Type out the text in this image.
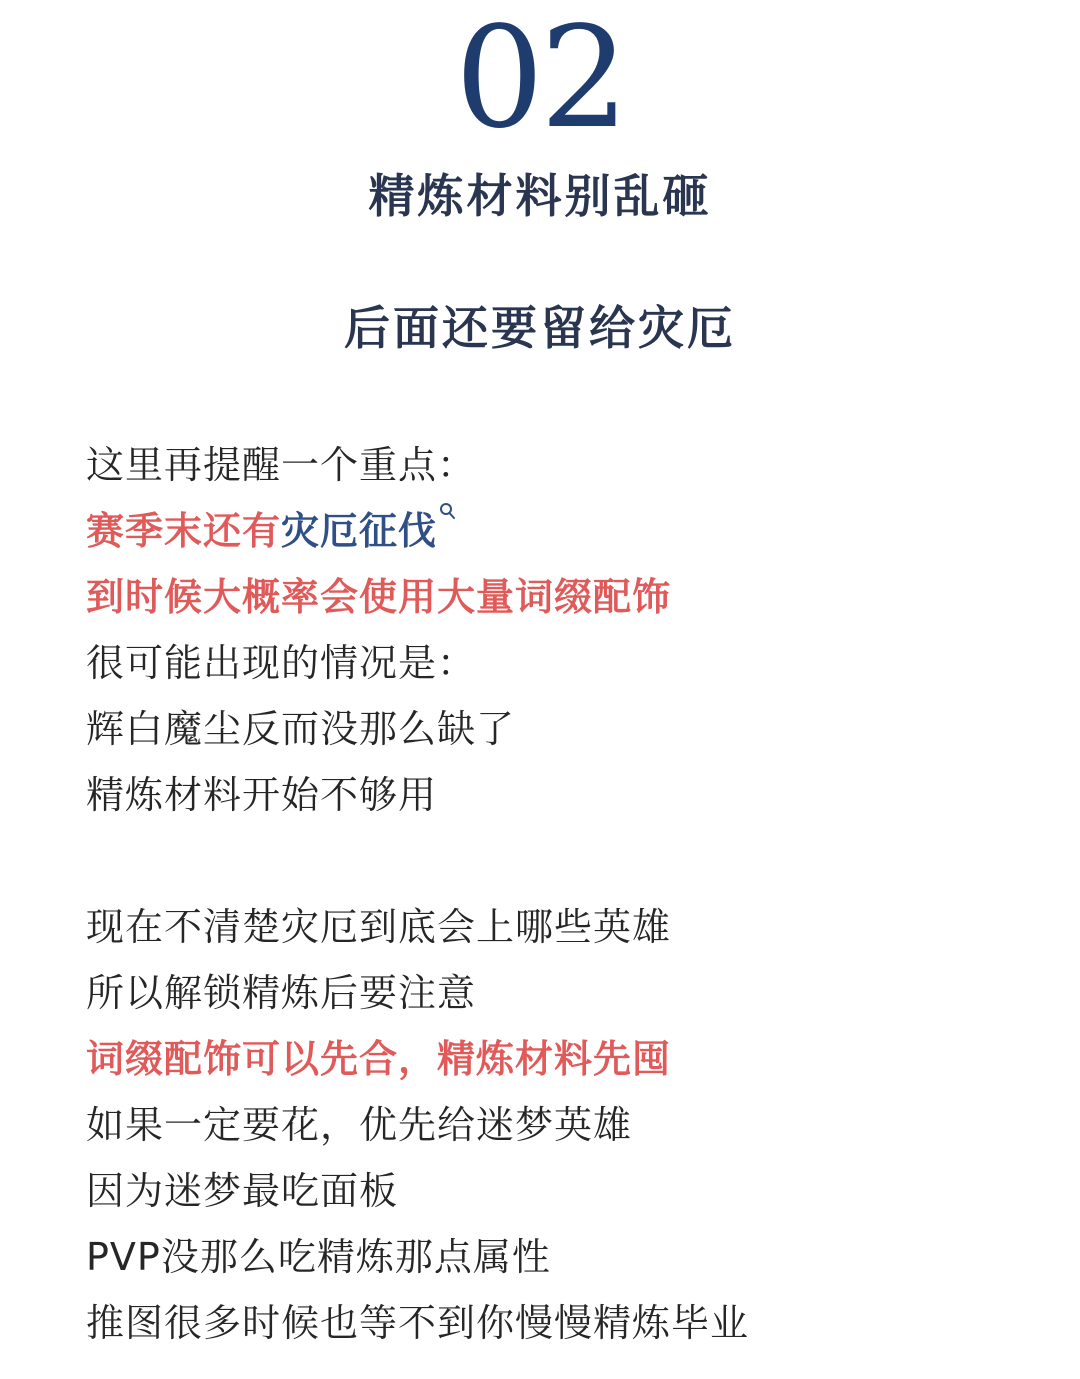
02
精炼材料别乱砸
后面还要留给灾厄
这里再提醒一个重点：
赛季末还有灾厄征伐
到时候大概率会使用大量词缀配饰
很可能出现的情况是：
辉白魔尘反而没那么缺了
精炼材料开始不够用
现在不清楚灾厄到底会上哪些英雄
所以解锁精炼后要注意
词缀配饰可以先合，精炼材料先囤
如果一定要花，优先给迷梦英雄
因为迷梦最吃面板
PVP没那么吃精炼那点属性
推图很多时候也等不到你慢慢精炼毕业
